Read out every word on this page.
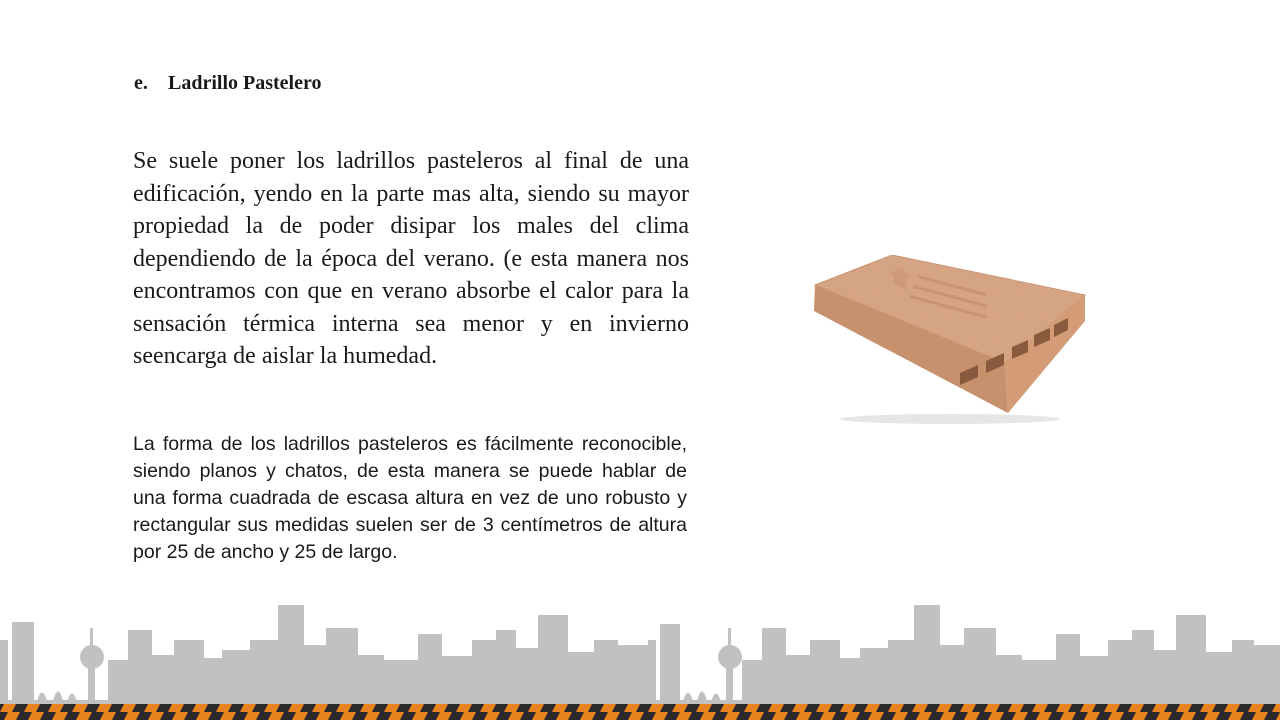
e. Ladrillo Pastelero

Se suele poner los ladrillos pasteleros al final de una edificación, yendo en la parte mas alta, siendo su mayor propiedad la de poder disipar los males del clima dependiendo de la época del verano. (e esta manera nos encontramos con que en verano absorbe el calor para la sensación térmica interna sea menor y en invierno seencarga de aislar la humedad.

La forma de los ladrillos pasteleros es fácilmente reconocible, siendo planos y chatos, de esta manera se puede hablar de una forma cuadrada de escasa altura en vez de uno robusto y rectangular sus medidas suelen ser de 3 centímetros de altura por 25 de ancho y 25 de largo.
